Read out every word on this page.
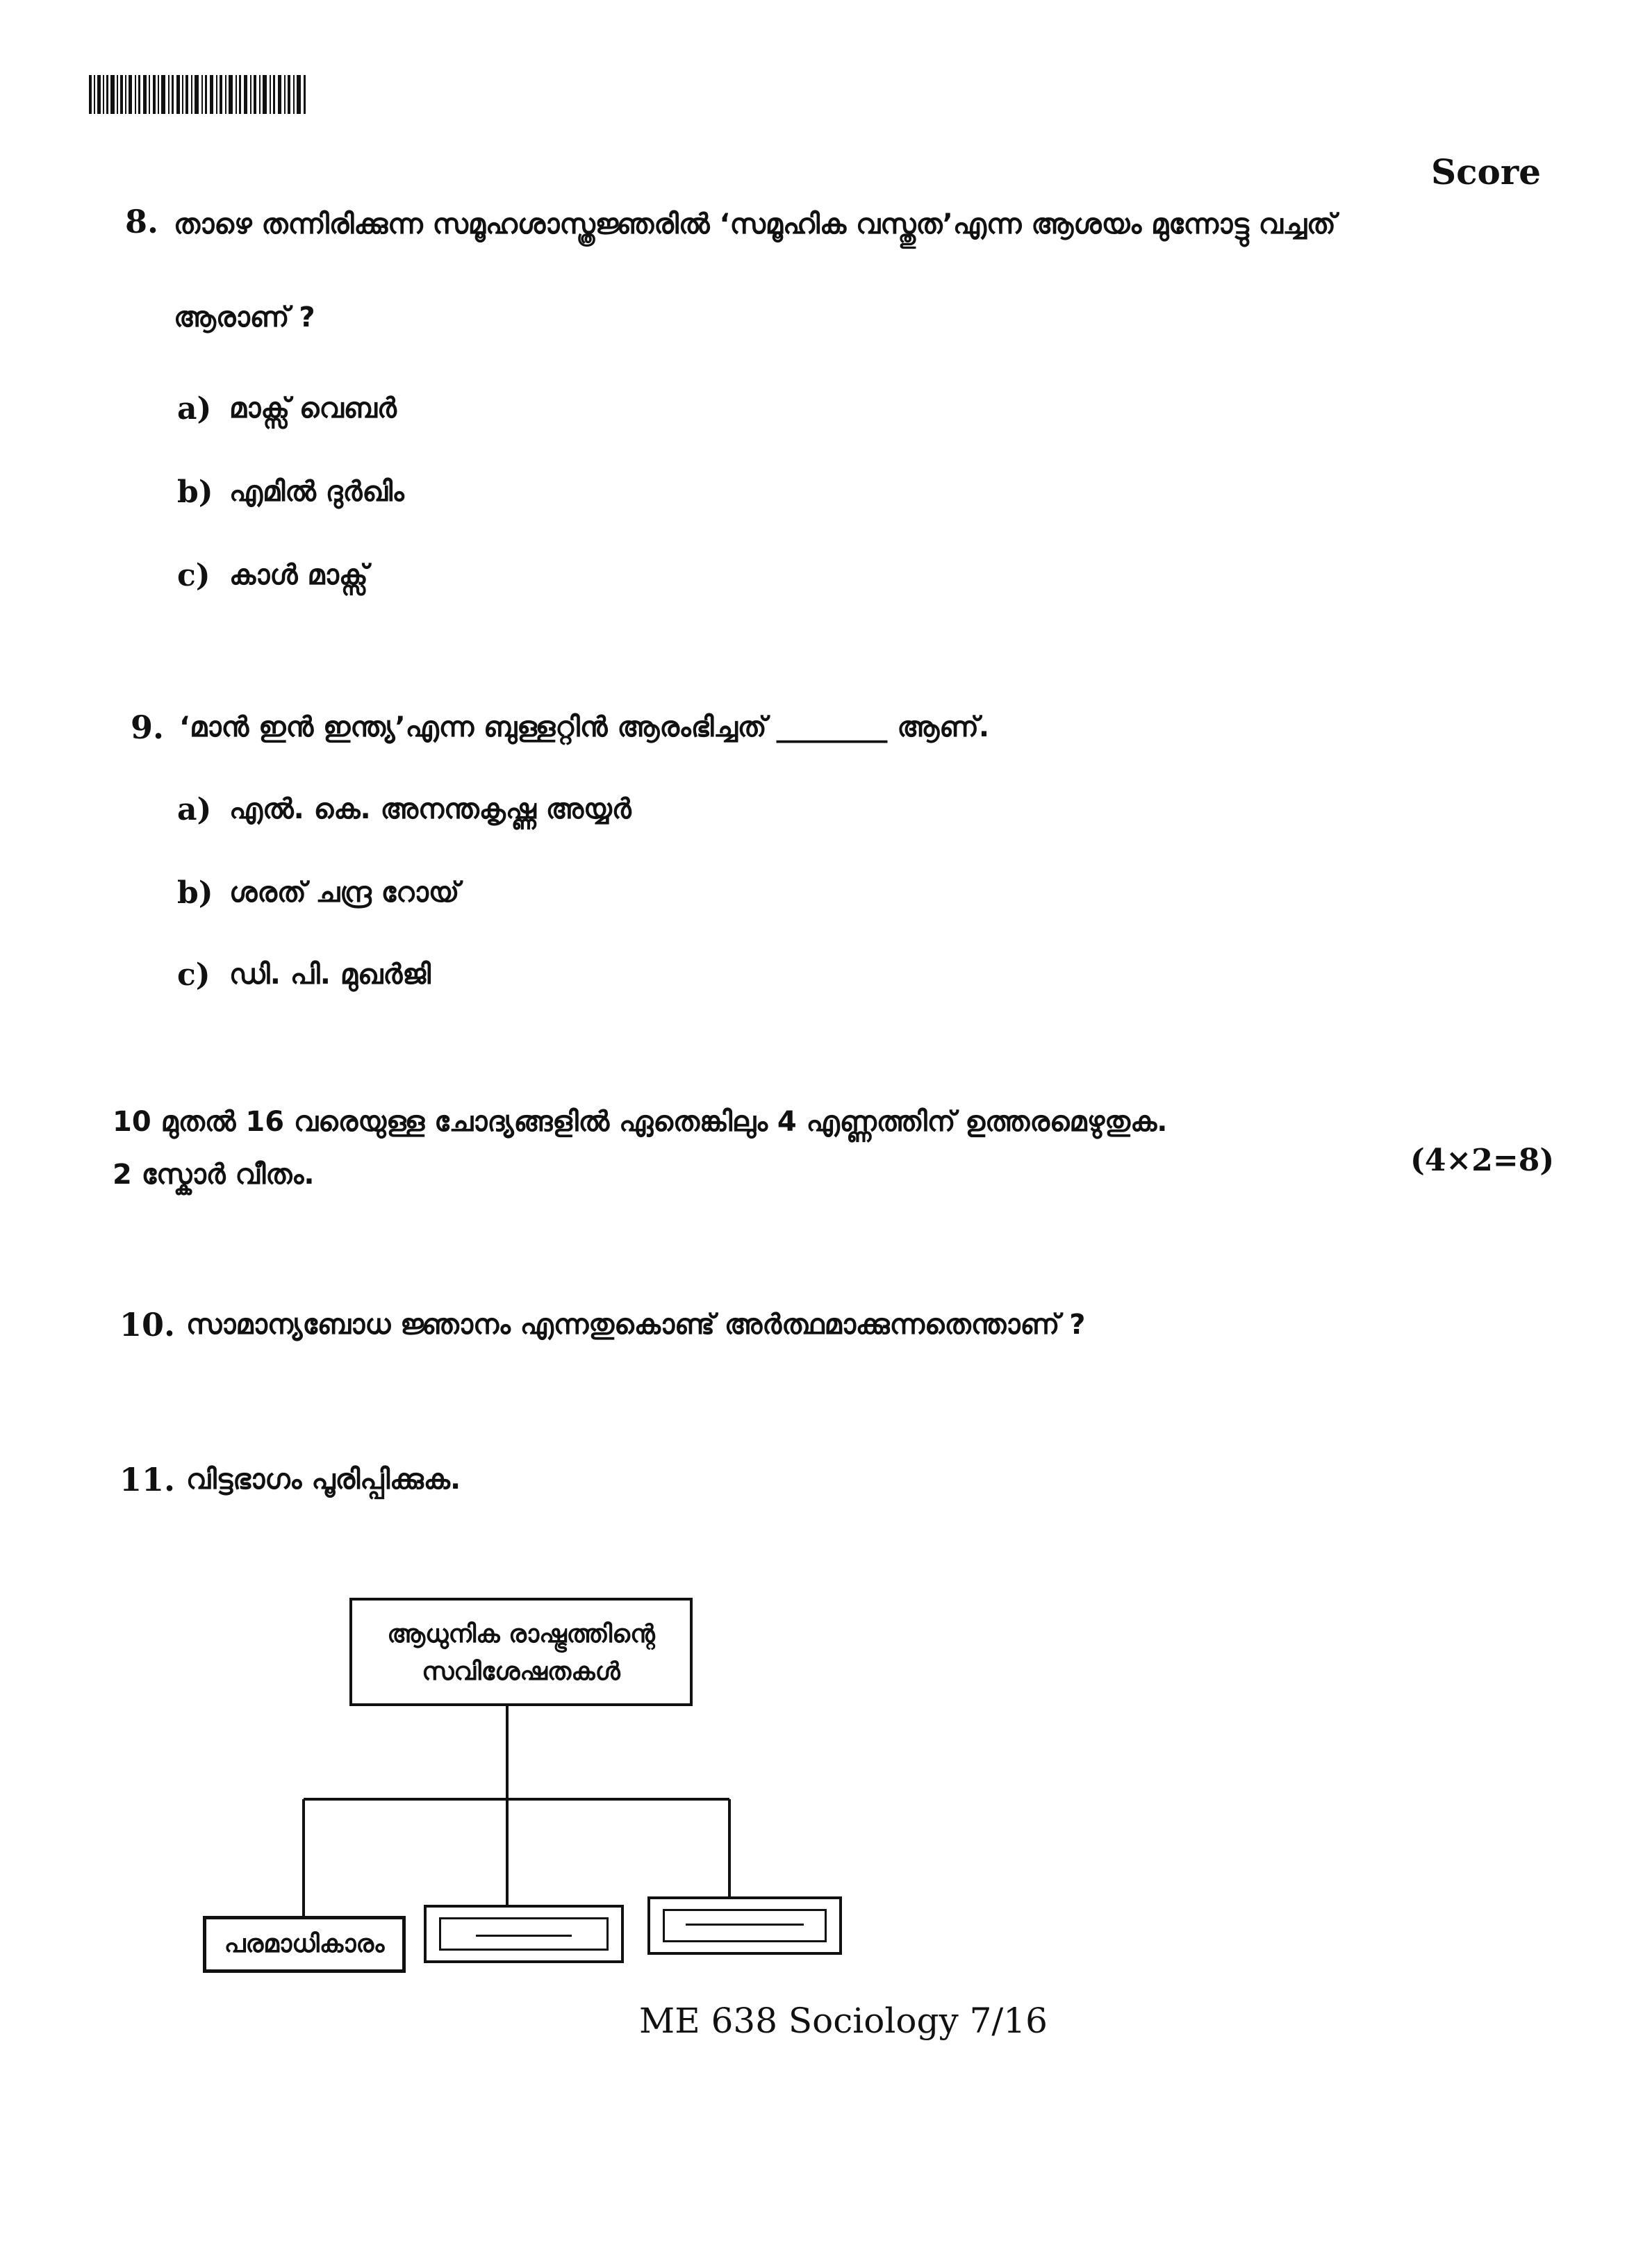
Score
8. താഴെ തന്നിരിക്കുന്ന സമൂഹശാസ്ത്രജ്ഞരിൽ ‘സമൂഹിക വസ്തുത’എന്ന ആശയം മുന്നോട്ടു വച്ചത്
ആരാണ് ?
a) മാക്സ് വെബർ
b) എമിൽ ദുർഖിം
c) കാൾ മാക്സ്
9. ‘മാൻ ഇൻ ഇന്ത്യ’എന്ന ബുള്ളറ്റിൻ ആരംഭിച്ചത് ________ ആണ്.
a) എൽ. കെ. അനന്തകൃഷ്ണ അയ്യർ
b) ശരത് ചന്ദ്ര റോയ്
c) ഡി. പി. മുഖർജി
10 മുതൽ 16 വരെയുള്ള ചോദ്യങ്ങളിൽ ഏതെങ്കിലും 4 എണ്ണത്തിന് ഉത്തരമെഴുതുക.
2 സ്കോർ വീതം.	(4×2=8)
10. സാമാന്യബോധ ജ്ഞാനം എന്നതുകൊണ്ട് അർത്ഥമാക്കുന്നതെന്താണ് ?
11. വിട്ടഭാഗം പൂരിപ്പിക്കുക.
ആധുനിക രാഷ്ട്രത്തിന്റെ
സവിശേഷതകൾ
പരമാധികാരം
ME 638 Sociology 7/16
